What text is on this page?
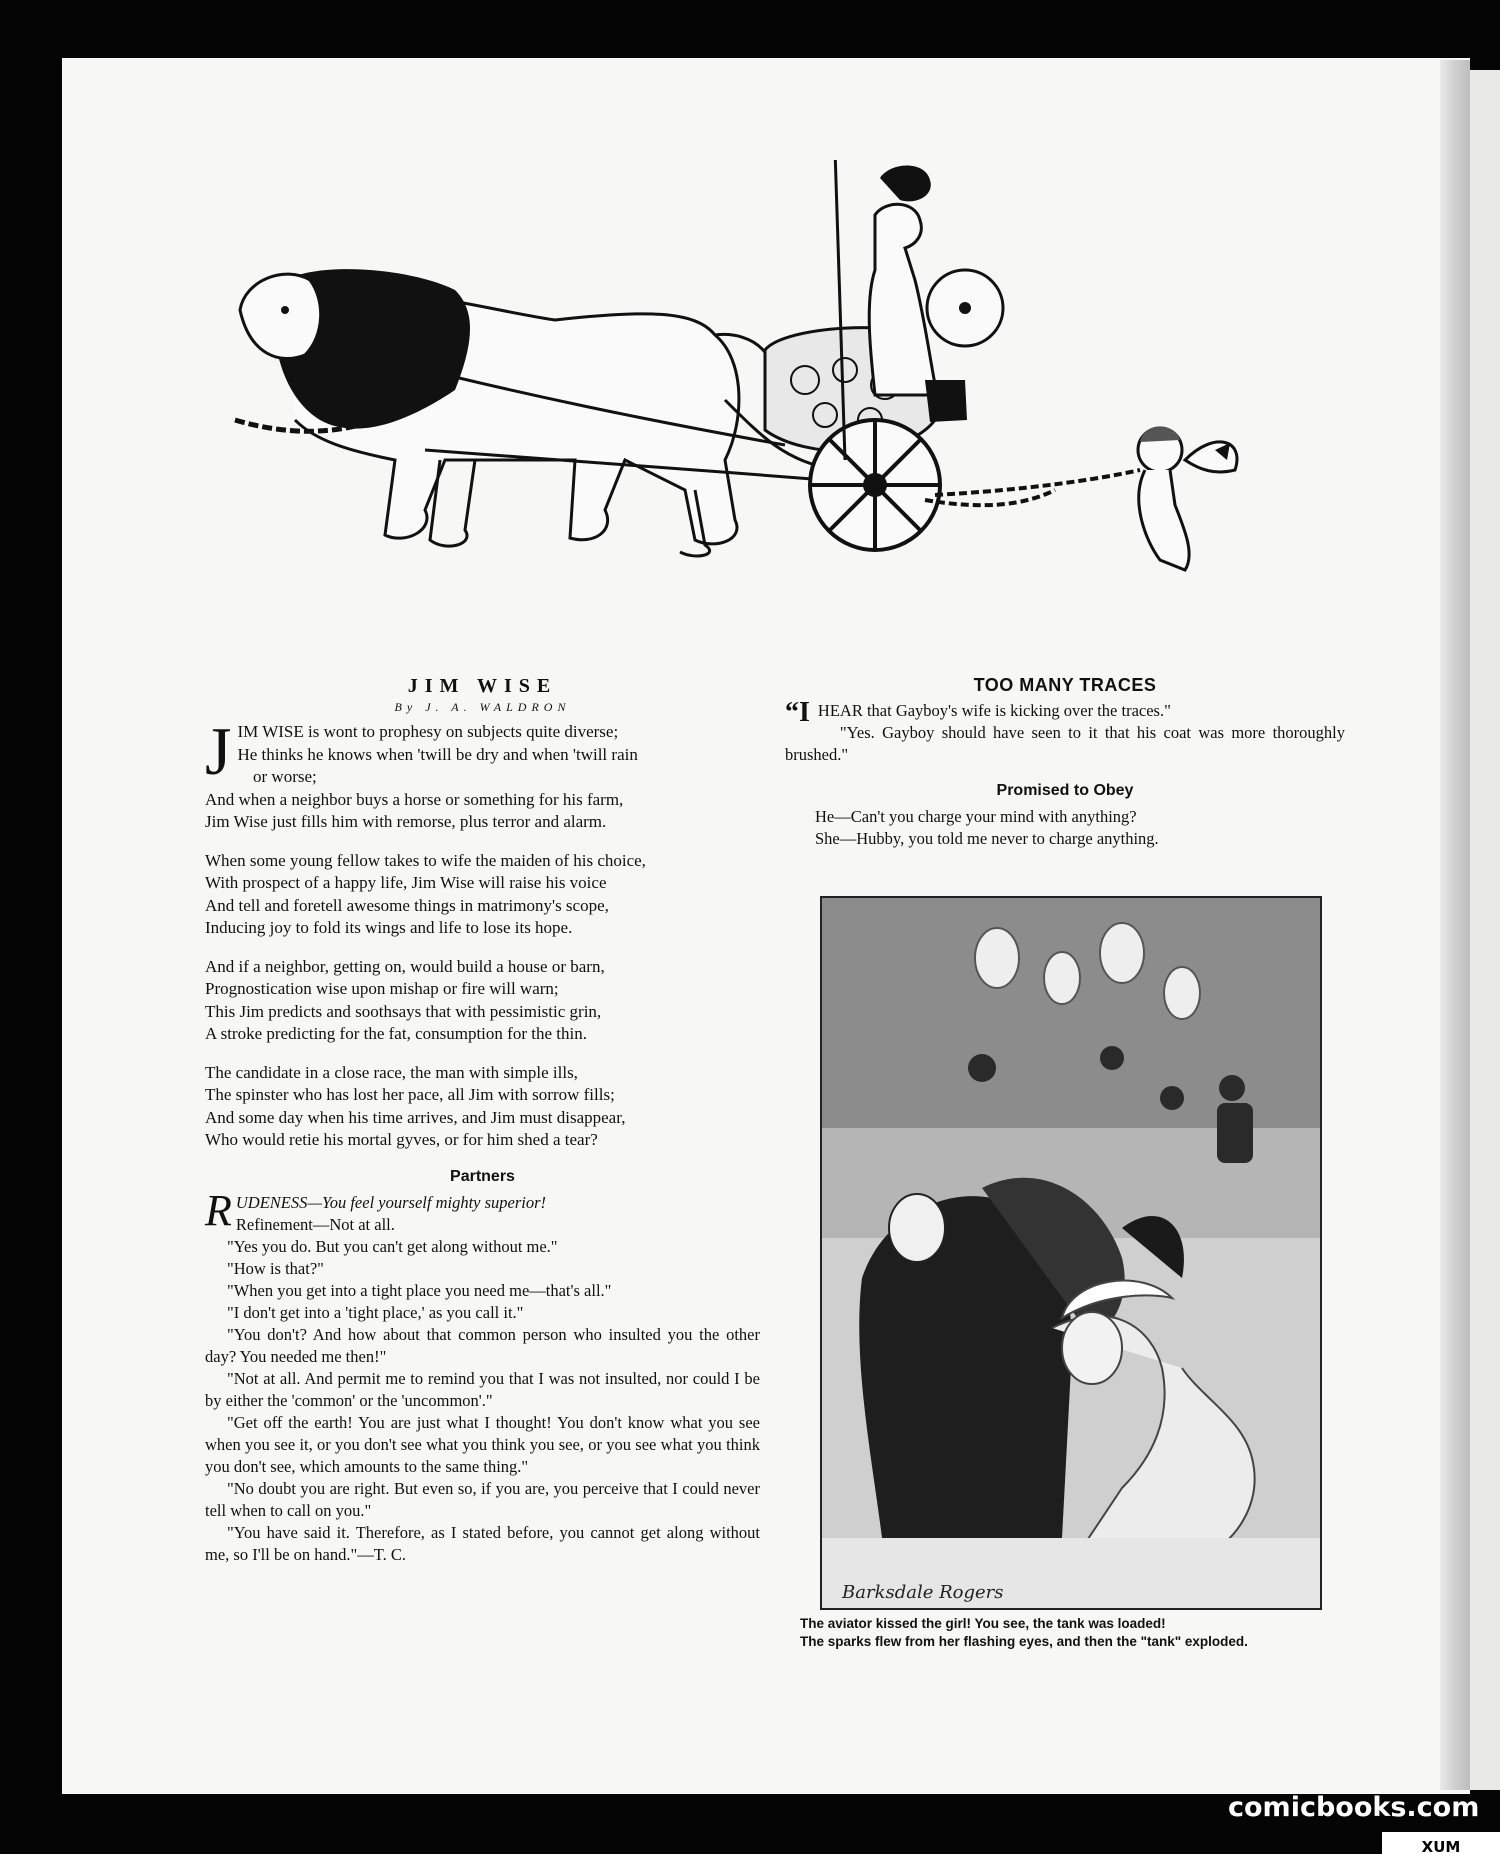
JIM WISE
By J. A. WALDRON
J IM WISE is wont to prophesy on subjects quite diverse;
He thinks he knows when 'twill be dry and when 'twill rain
or worse;
And when a neighbor buys a horse or something for his farm,
Jim Wise just fills him with remorse, plus terror and alarm.
When some young fellow takes to wife the maiden of his choice,
With prospect of a happy life, Jim Wise will raise his voice
And tell and foretell awesome things in matrimony's scope,
Inducing joy to fold its wings and life to lose its hope.
And if a neighbor, getting on, would build a house or barn,
Prognostication wise upon mishap or fire will warn;
This Jim predicts and soothsays that with pessimistic grin,
A stroke predicting for the fat, consumption for the thin.
The candidate in a close race, the man with simple ills,
The spinster who has lost her pace, all Jim with sorrow fills;
And some day when his time arrives, and Jim must disappear,
Who would retie his mortal gyves, or for him shed a tear?
Partners
R UDENESS—You feel yourself mighty superior!
Refinement—Not at all.
"Yes you do. But you can't get along without me."
"How is that?"
"When you get into a tight place you need me—that's all."
"I don't get into a 'tight place,' as you call it."
"You don't? And how about that common person who insulted you the other day? You needed me then!"
"Not at all. And permit me to remind you that I was not insulted, nor could I be by either the 'common' or the 'uncommon'."
"Get off the earth! You are just what I thought! You don't know what you see when you see it, or you don't see what you think you see, or you see what you think you don't see, which amounts to the same thing."
"No doubt you are right. But even so, if you are, you perceive that I could never tell when to call on you."
"You have said it. Therefore, as I stated before, you cannot get along without me, so I'll be on hand."—T. C.
TOO MANY TRACES
“I HEAR that Gayboy's wife is kicking over the traces."
"Yes. Gayboy should have seen to it that his coat was more thoroughly brushed."
Promised to Obey
He—Can't you charge your mind with anything?
She—Hubby, you told me never to charge anything.
Barksdale Rogers
The aviator kissed the girl! You see, the tank was loaded!
The sparks flew from her flashing eyes, and then the "tank" exploded.
comicbooks.com
XUM
